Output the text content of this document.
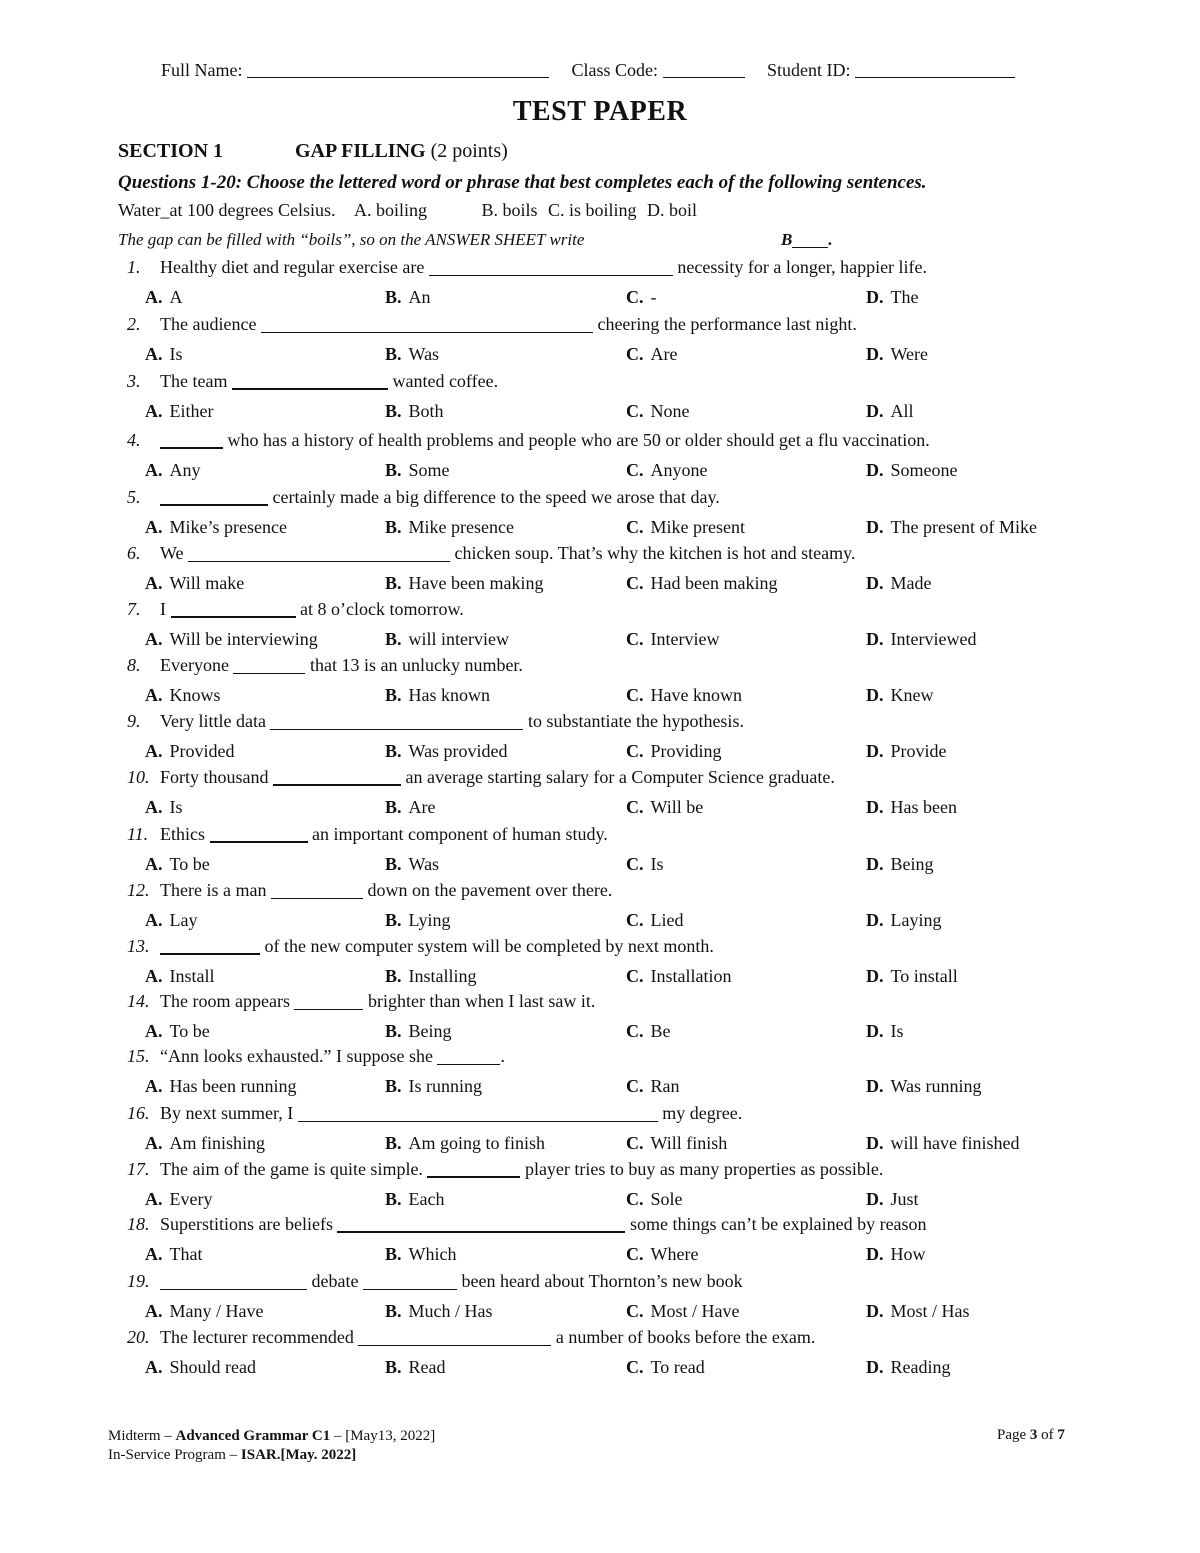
Full Name:	Class Code:	Student ID:
TEST PAPER
SECTION 1	GAP FILLING (2 points)
Questions 1-20: Choose the lettered word or phrase that best completes each of the following sentences.
Water_at 100 degrees Celsius. A. boiling	B. boils C. is boiling D. boil
The gap can be filled with “boils”, so on the ANSWER SHEET write	B .
1. Healthy diet and regular exercise are	necessity for a longer, happier life.
A. A	B. An	C. -	D. The
2. The audience	cheering the performance last night.
A. Is	B. Was	C. Are	D. Were
3. The team	wanted coffee.
A. Either	B. Both	C. None	D. All
4.	who has a history of health problems and people who are 50 or older should get a flu vaccination.
A. Any	B. Some	C. Anyone	D. Someone
5.	certainly made a big difference to the speed we arose that day.
A. Mike’s presence	B. Mike presence	C. Mike present	D. The present of Mike
6. We	chicken soup. That’s why the kitchen is hot and steamy.
A. Will make	B. Have been making	C. Had been making	D. Made
7. I	at 8 o’clock tomorrow.
A. Will be interviewing	B. will interview	C. Interview	D. Interviewed
8. Everyone	that 13 is an unlucky number.
A. Knows	B. Has known	C. Have known	D. Knew
9. Very little data	to substantiate the hypothesis.
A. Provided	B. Was provided	C. Providing	D. Provide
10. Forty thousand	an average starting salary for a Computer Science graduate.
A. Is	B. Are	C. Will be	D. Has been
11. Ethics	an important component of human study.
A. To be	B. Was	C. Is	D. Being
12. There is a man	down on the pavement over there.
A. Lay	B. Lying	C. Lied	D. Laying
13.	of the new computer system will be completed by next month.
A. Install	B. Installing	C. Installation	D. To install
14. The room appears	brighter than when I last saw it.
A. To be	B. Being	C. Be	D. Is
15. “Ann looks exhausted.” I suppose she	.
A. Has been running	B. Is running	C. Ran	D. Was running
16. By next summer, I	my degree.
A. Am finishing	B. Am going to finish	C. Will finish	D. will have finished
17. The aim of the game is quite simple.	player tries to buy as many properties as possible.
A. Every	B. Each	C. Sole	D. Just
18. Superstitions are beliefs	some things can’t be explained by reason
A. That	B. Which	C. Where	D. How
19.	debate	been heard about Thornton’s new book
A. Many / Have	B. Much / Has	C. Most / Have	D. Most / Has
20. The lecturer recommended	a number of books before the exam.
A. Should read	B. Read	C. To read	D. Reading
Midterm – Advanced Grammar C1 – [May13, 2022]
In-Service Program – ISAR.[May. 2022]
Page 3 of 7
